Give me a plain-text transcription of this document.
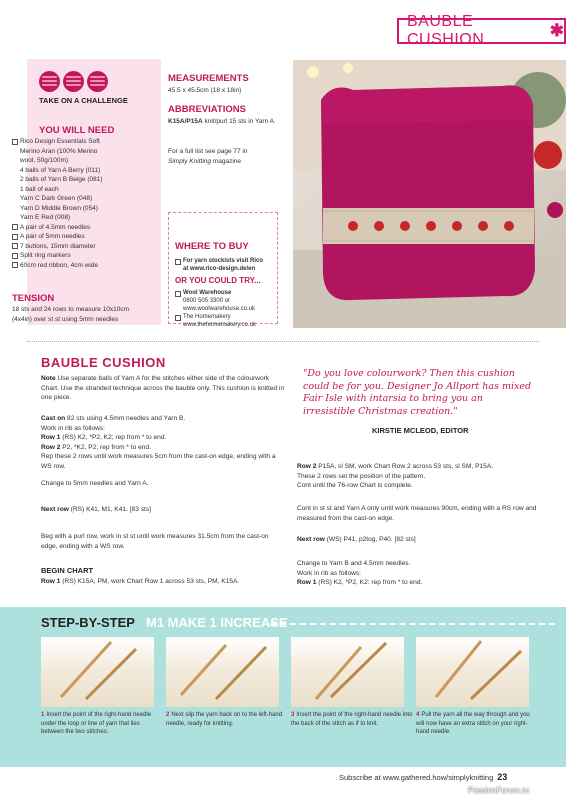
BAUBLE CUSHION	✱
TAKE ON A CHALLENGE
YOU WILL NEED
Rico Design Essentials Soft
Merino Aran (100% Merino
wool, 50g/100m)
4 balls of Yarn A Berry (011)
2 balls of Yarn B Beige (081)
1 ball of each
Yarn C Dark Green (048)
Yarn D Middle Brown (054)
Yarn E Red (008)
A pair of 4.5mm needles
A pair of 5mm needles
7 buttons, 15mm diameter
Split ring markers
60cm red ribbon, 4cm wide
TENSION
18 sts and 24 rows to measure 10x10cm (4x4in) over st st using 5mm needles
MEASUREMENTS
45.5 x 45.5cm (18 x 18in)
ABBREVIATIONS
K15A/P15A knit/purl 15 sts in Yarn A
For a full list see page 77 in
Simply Knitting magazine
WHERE TO BUY
For yarn stockists visit Rico
at www.rico-design.de/en
OR YOU COULD TRY...
Wool Warehouse
0800 505 3300 or
www.woolwarehouse.co.uk
The Homemakery
www.thehomemakery.co.uk
BAUBLE CUSHION
Note Use separate balls of Yarn A for the stitches either side of the colourwork Chart. Use the stranded technique across the bauble only. This cushion is knitted in one piece.
Cast on 82 sts using 4.5mm needles and Yarn B.
Work in rib as follows:
Row 1 (RS) K2, *P2, K2; rep from * to end.
Row 2 P2, *K2, P2; rep from * to end.
Rep these 2 rows until work measures 5cm from the cast-on edge, ending with a WS row.
Change to 5mm needles and Yarn A.
Next row (RS) K41, M1, K41. [83 sts]
Beg with a purl row, work in st st until work measures 31.5cm from the cast-on edge, ending with a WS row.
BEGIN CHART
Row 1 (RS) K15A, PM, work Chart Row 1 across 53 sts, PM, K15A.
"Do you love colourwork? Then this cushion could be for you. Designer Jo Allport has mixed Fair Isle with intarsia to bring you an irresistible Christmas creation."
KIRSTIE MCLEOD, EDITOR
Row 2 P15A, sl SM, work Chart Row 2 across 53 sts, sl SM, P15A.
These 2 rows set the position of the pattern.
Cont until the 76-row Chart is complete.
Cont in st st and Yarn A only until work measures 90cm, ending with a RS row and measured from the cast-on edge.
Next row (WS) P41, p2tog, P40. [82 sts]
Change to Yarn B and 4.5mm needles.
Work in rib as follows:
Row 1 (RS) K2, *P2, K2: rep from * to end.
STEP-BY-STEP M1 MAKE 1 INCREASE
1 Insert the point of the right-hand needle under the loop or line of yarn that lies between the two stitches.
2 Next slip the yarn back on to the left-hand needle, ready for knitting.
3 Insert the point of the right-hand needle into the back of the stitch as if to knit.
4 Pull the yarn all the way through and you will now have an extra stitch on your right-hand needle.
Subscribe at www.gathered.how/simplyknitting 23
PassionForum.ru
